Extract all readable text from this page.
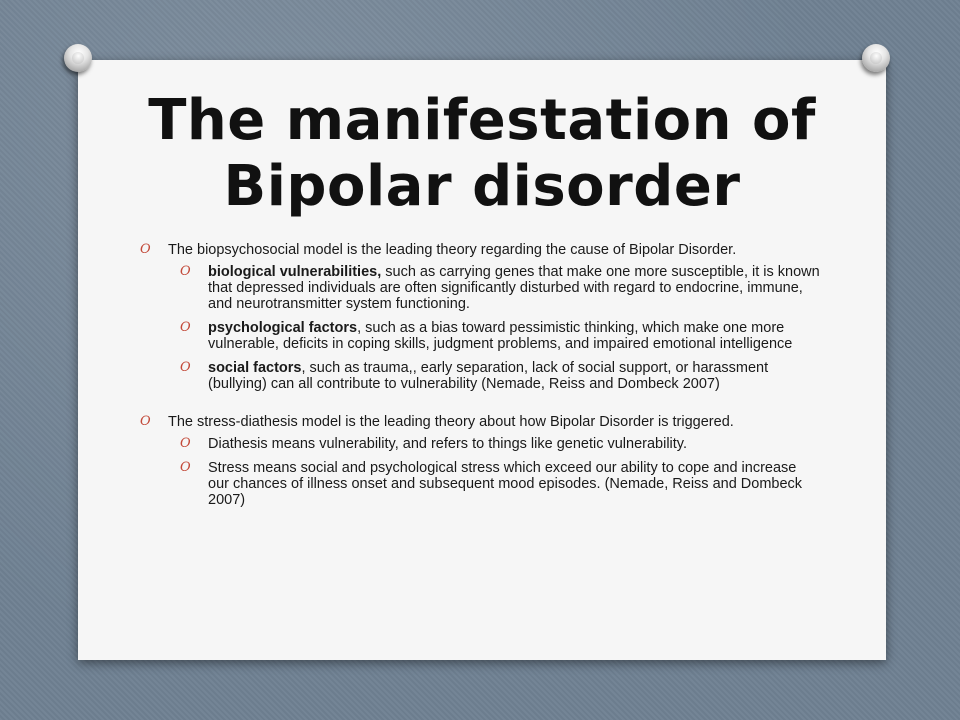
The manifestation of
Bipolar disorder
O The biopsychosocial model is the leading theory regarding the cause of Bipolar Disorder.
O biological vulnerabilities, such as carrying genes that make one more susceptible, it is known that depressed individuals are often significantly disturbed with regard to endocrine, immune, and neurotransmitter system functioning.
O psychological factors, such as a bias toward pessimistic thinking, which make one more vulnerable, deficits in coping skills, judgment problems, and impaired emotional intelligence
O social factors, such as trauma,, early separation, lack of social support, or harassment (bullying) can all contribute to vulnerability (Nemade, Reiss and Dombeck 2007)
O The stress-diathesis model is the leading theory about how Bipolar Disorder is triggered.
O Diathesis means vulnerability, and refers to things like genetic vulnerability.
O Stress means social and psychological stress which exceed our ability to cope and increase our chances of illness onset and subsequent mood episodes. (Nemade, Reiss and Dombeck 2007)
